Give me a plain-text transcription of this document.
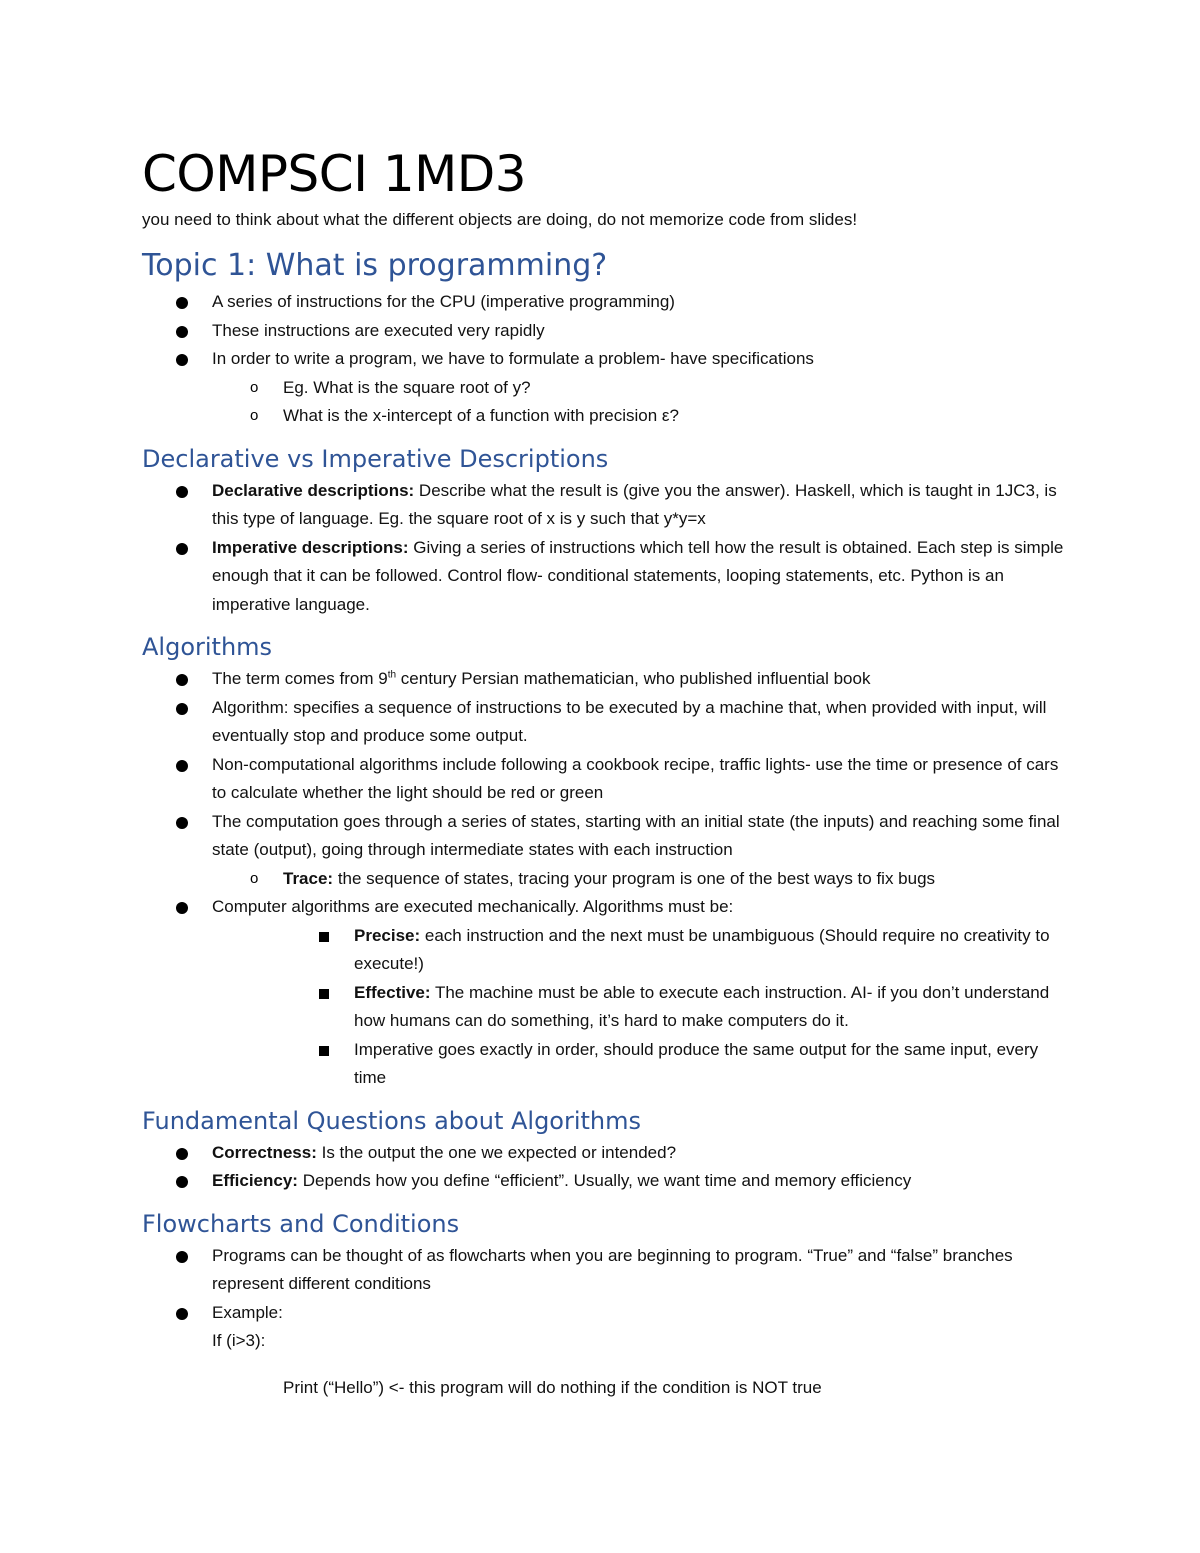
COMPSCI 1MD3

you need to think about what the different objects are doing, do not memorize code from slides!

Topic 1: What is programming?
A series of instructions for the CPU (imperative programming)
These instructions are executed very rapidly
In order to write a program, we have to formulate a problem- have specifications
o Eg. What is the square root of y?
o What is the x-intercept of a function with precision ε?
Declarative vs Imperative Descriptions
Declarative descriptions: Describe what the result is (give you the answer). Haskell, which is taught in 1JC3, is this type of language. Eg. the square root of x is y such that y*y=x
Imperative descriptions: Giving a series of instructions which tell how the result is obtained. Each step is simple enough that it can be followed. Control flow- conditional statements, looping statements, etc. Python is an imperative language.
Algorithms
The term comes from 9th century Persian mathematician, who published influential book
Algorithm: specifies a sequence of instructions to be executed by a machine that, when provided with input, will eventually stop and produce some output.
Non-computational algorithms include following a cookbook recipe, traffic lights- use the time or presence of cars to calculate whether the light should be red or green
The computation goes through a series of states, starting with an initial state (the inputs) and reaching some final state (output), going through intermediate states with each instruction
o Trace: the sequence of states, tracing your program is one of the best ways to fix bugs
Computer algorithms are executed mechanically. Algorithms must be:
Precise: each instruction and the next must be unambiguous (Should require no creativity to execute!)
Effective: The machine must be able to execute each instruction. AI- if you don’t understand how humans can do something, it’s hard to make computers do it.
Imperative goes exactly in order, should produce the same output for the same input, every time
Fundamental Questions about Algorithms
Correctness: Is the output the one we expected or intended?
Efficiency: Depends how you define “efficient”. Usually, we want time and memory efficiency
Flowcharts and Conditions
Programs can be thought of as flowcharts when you are beginning to program. “True” and “false” branches represent different conditions
Example:
If (i>3):
Print (“Hello”) <- this program will do nothing if the condition is NOT true
